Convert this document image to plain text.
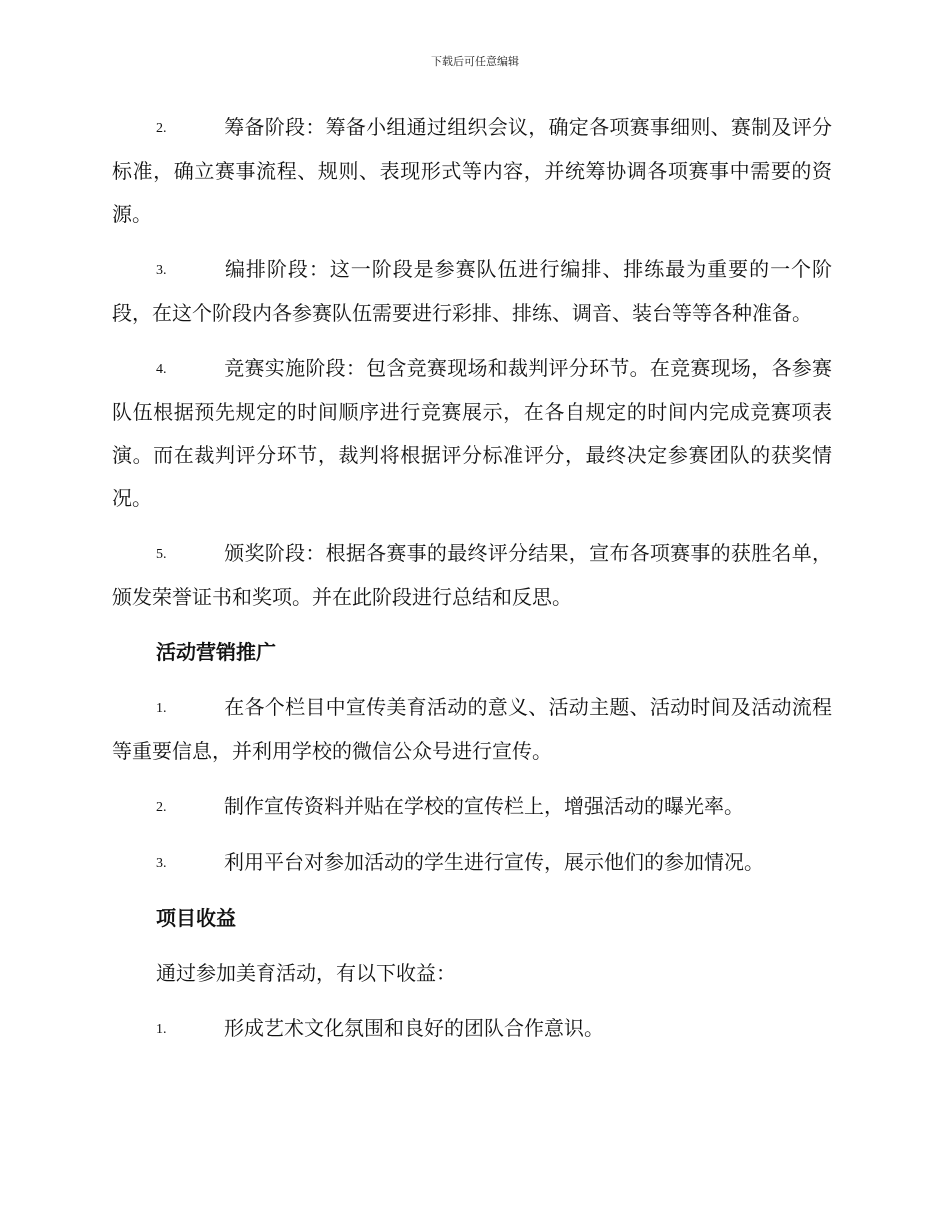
下载后可任意编辑

2.	筹备阶段：筹备小组通过组织会议，确定各项赛事细则、赛制及评分标准，确立赛事流程、规则、表现形式等内容，并统筹协调各项赛事中需要的资源。

3.	编排阶段：这一阶段是参赛队伍进行编排、排练最为重要的一个阶段，在这个阶段内各参赛队伍需要进行彩排、排练、调音、装台等等各种准备。

4.	竞赛实施阶段：包含竞赛现场和裁判评分环节。在竞赛现场，各参赛队伍根据预先规定的时间顺序进行竞赛展示，在各自规定的时间内完成竞赛项表演。而在裁判评分环节，裁判将根据评分标准评分，最终决定参赛团队的获奖情况。

5.	颁奖阶段：根据各赛事的最终评分结果，宣布各项赛事的获胜名单，颁发荣誉证书和奖项。并在此阶段进行总结和反思。

活动营销推广

1.	在各个栏目中宣传美育活动的意义、活动主题、活动时间及活动流程等重要信息，并利用学校的微信公众号进行宣传。

2.	制作宣传资料并贴在学校的宣传栏上，增强活动的曝光率。

3.	利用平台对参加活动的学生进行宣传，展示他们的参加情况。

项目收益

通过参加美育活动，有以下收益：

1.	形成艺术文化氛围和良好的团队合作意识。
